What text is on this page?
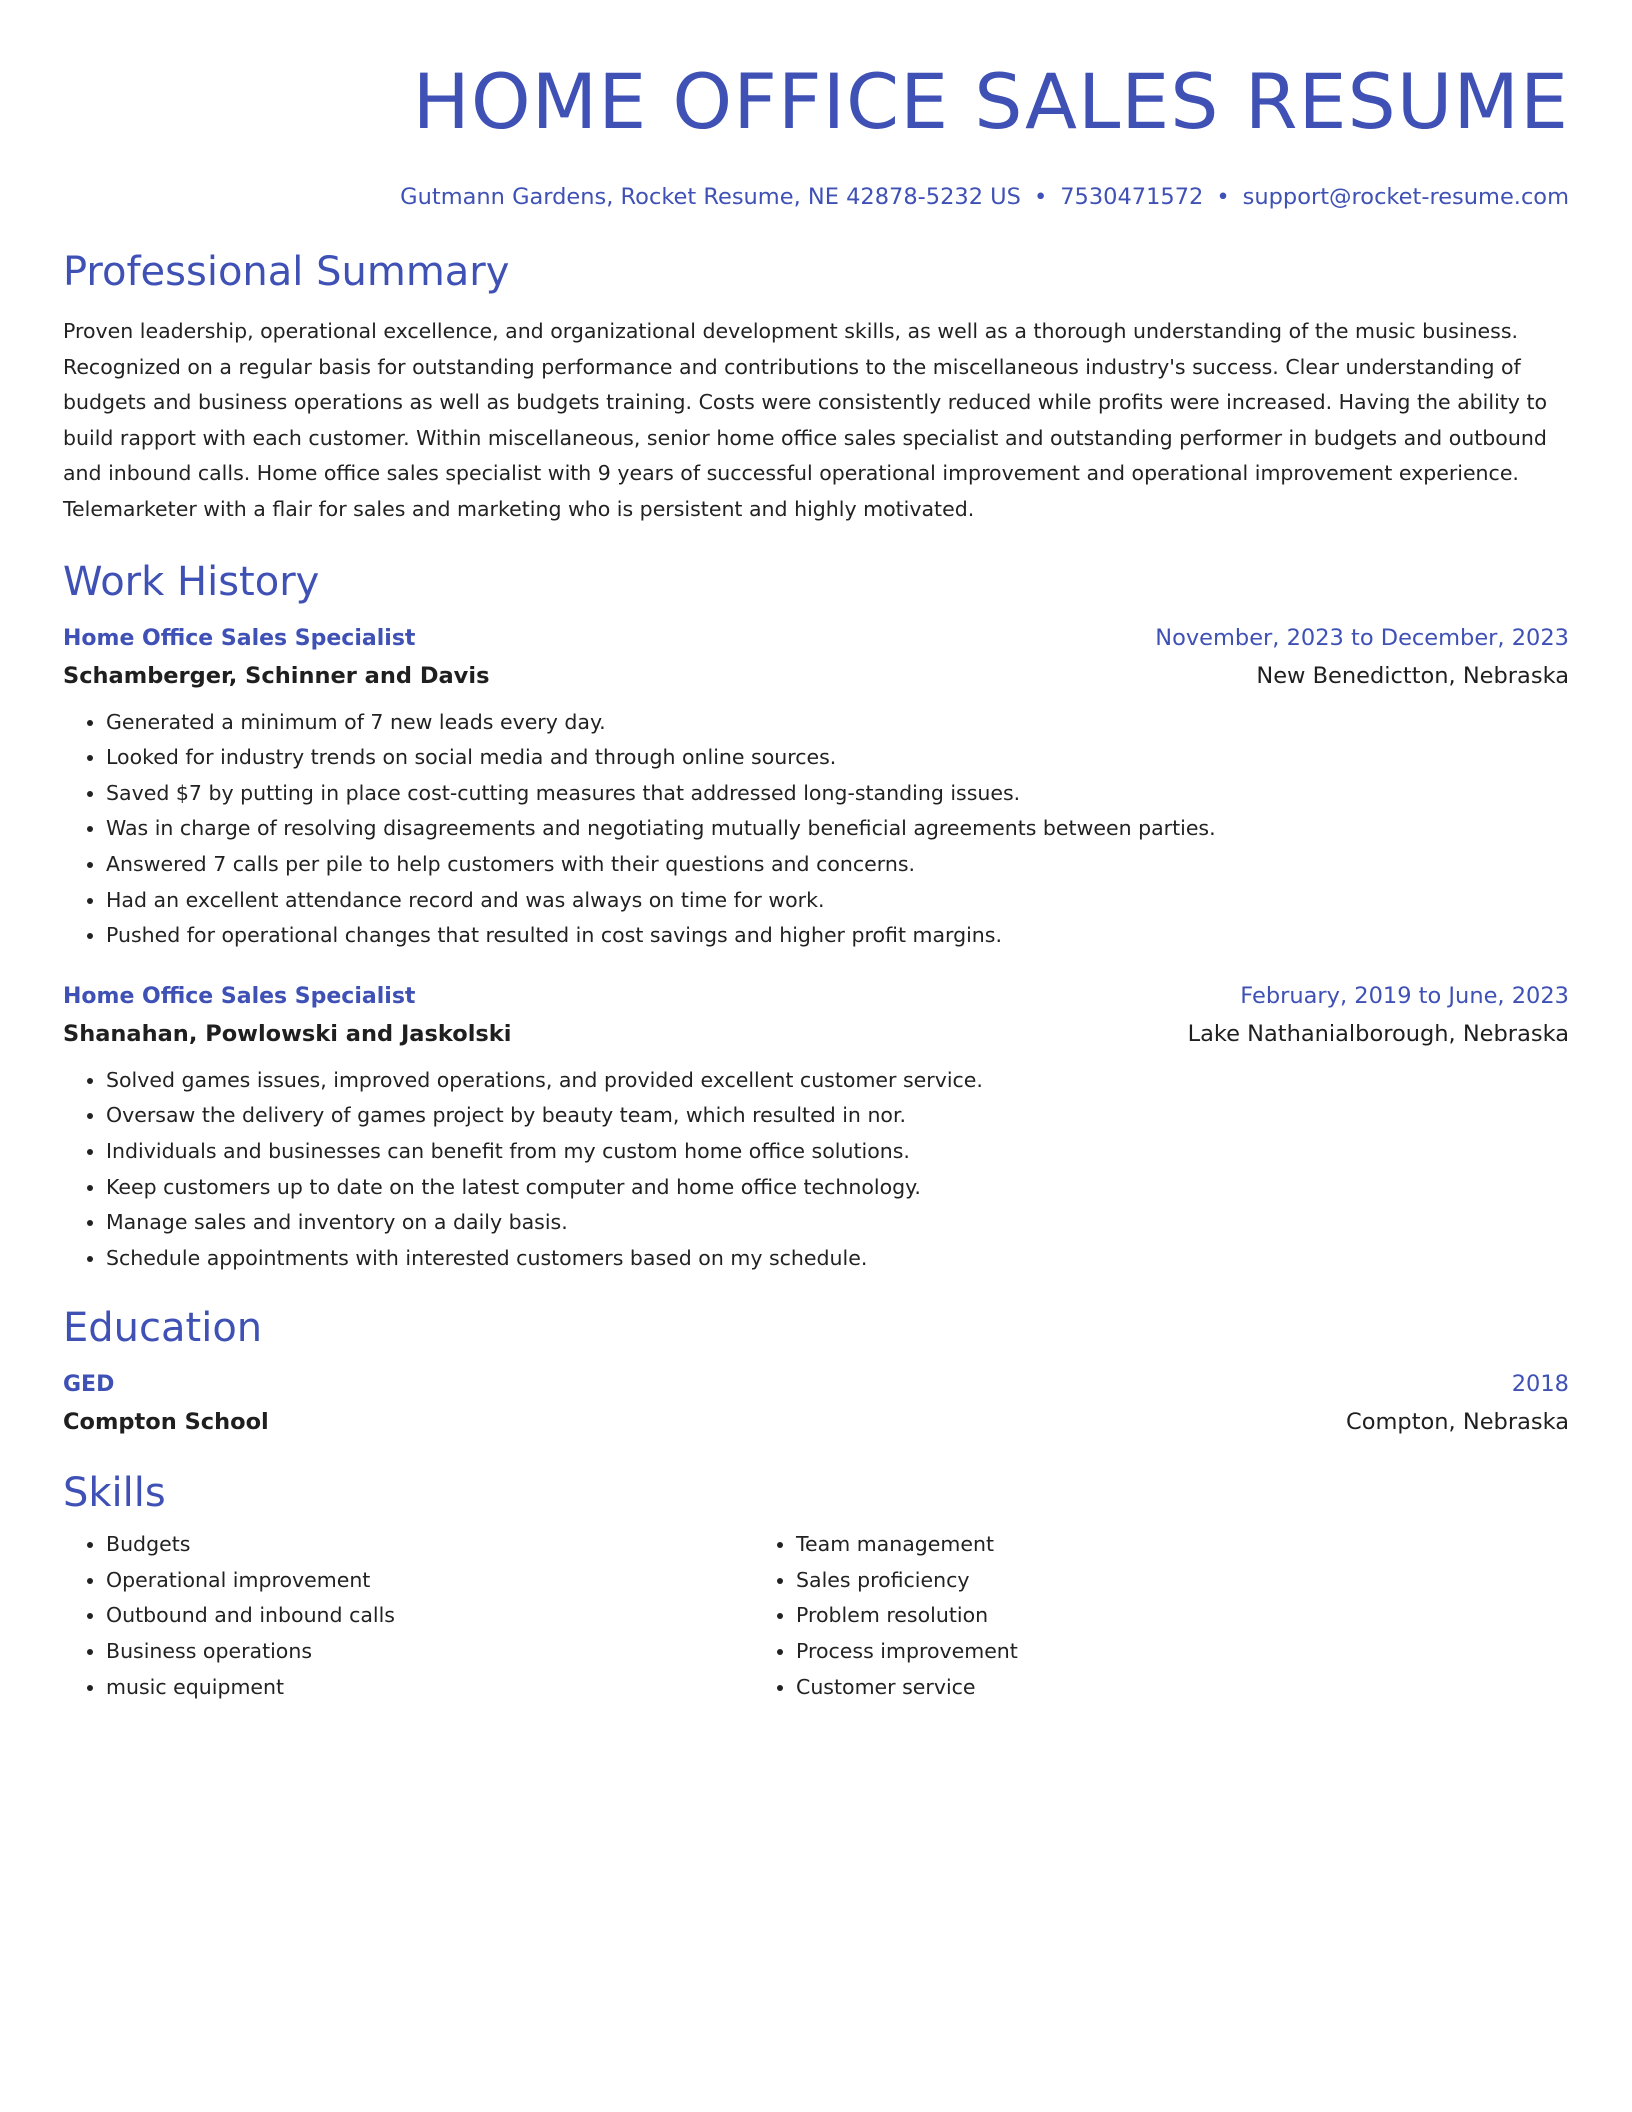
HOME OFFICE SALES RESUME
Gutmann Gardens, Rocket Resume, NE 42878-5232 US • 7530471572 • support@rocket-resume.com
Professional Summary

Proven leadership, operational excellence, and organizational development skills, as well as a thorough understanding of the music business. Recognized on a regular basis for outstanding performance and contributions to the miscellaneous industry's success. Clear understanding of budgets and business operations as well as budgets training. Costs were consistently reduced while profits were increased. Having the ability to build rapport with each customer. Within miscellaneous, senior home office sales specialist and outstanding performer in budgets and outbound and inbound calls. Home office sales specialist with 9 years of successful operational improvement and operational improvement experience. Telemarketer with a flair for sales and marketing who is persistent and highly motivated.

Work History
Home Office Sales Specialist	November, 2023 to December, 2023
Schamberger, Schinner and Davis	New Benedictton, Nebraska
• Generated a minimum of 7 new leads every day.
• Looked for industry trends on social media and through online sources.
• Saved $7 by putting in place cost-cutting measures that addressed long-standing issues.
• Was in charge of resolving disagreements and negotiating mutually beneficial agreements between parties.
• Answered 7 calls per pile to help customers with their questions and concerns.
• Had an excellent attendance record and was always on time for work.
• Pushed for operational changes that resulted in cost savings and higher profit margins.
Home Office Sales Specialist	February, 2019 to June, 2023
Shanahan, Powlowski and Jaskolski	Lake Nathanialborough, Nebraska
• Solved games issues, improved operations, and provided excellent customer service.
• Oversaw the delivery of games project by beauty team, which resulted in nor.
• Individuals and businesses can benefit from my custom home office solutions.
• Keep customers up to date on the latest computer and home office technology.
• Manage sales and inventory on a daily basis.
• Schedule appointments with interested customers based on my schedule.
Education
GED	2018
Compton School	Compton, Nebraska
Skills
• Budgets
• Operational improvement
• Outbound and inbound calls
• Business operations
• music equipment
• Team management
• Sales proficiency
• Problem resolution
• Process improvement
• Customer service
